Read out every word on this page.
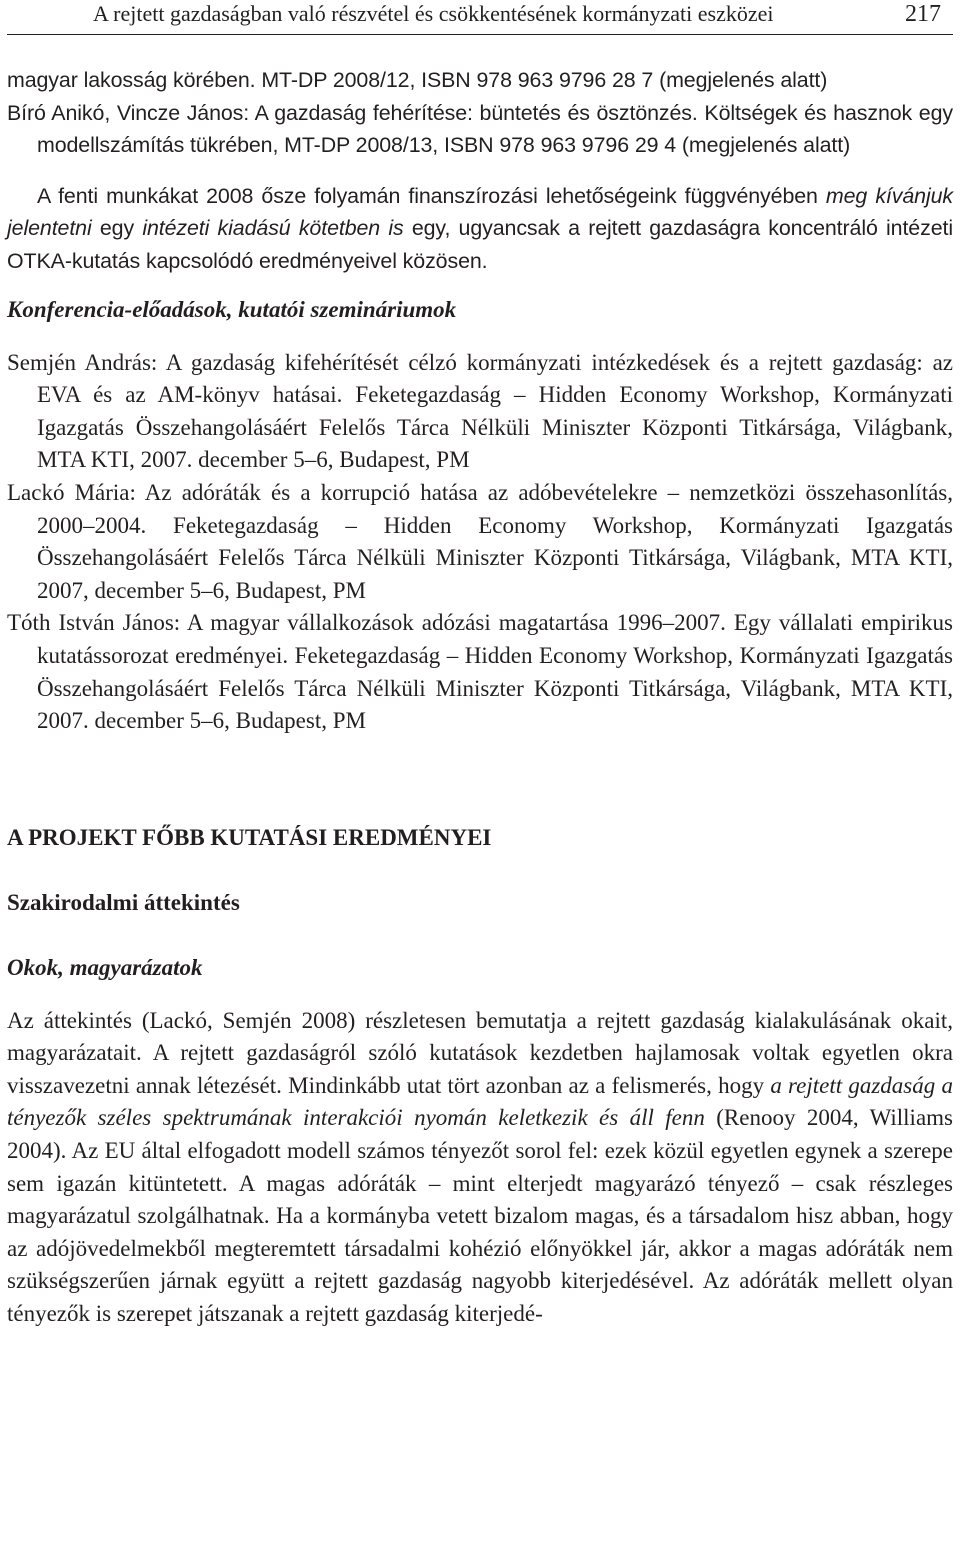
A rejtett gazdaságban való részvétel és csökkentésének kormányzati eszközei	217

magyar lakosság körében. MT-DP 2008/12, ISBN 978 963 9796 28 7 (megjelenés alatt)

Bíró Anikó, Vincze János: A gazdaság fehérítése: büntetés és ösztönzés. Költségek és hasznok egy modellszámítás tükrében, MT-DP 2008/13, ISBN 978 963 9796 29 4 (megjelenés alatt)

A fenti munkákat 2008 ősze folyamán finanszírozási lehetőségeink függvényében meg kívánjuk jelentetni egy intézeti kiadású kötetben is egy, ugyancsak a rejtett gazdaságra koncentráló intézeti OTKA-kutatás kapcsolódó eredményeivel közösen.

Konferencia-előadások, kutatói szemináriumok

Semjén András: A gazdaság kifehérítését célzó kormányzati intézkedések és a rejtett gazdaság: az EVA és az AM-könyv hatásai. Feketegazdaság – Hidden Economy Workshop, Kormányzati Igazgatás Összehangolásáért Felelős Tárca Nélküli Miniszter Központi Titkársága, Világbank, MTA KTI, 2007. december 5–6, Budapest, PM

Lackó Mária: Az adóráták és a korrupció hatása az adóbevételekre – nemzetközi összehasonlítás, 2000–2004. Feketegazdaság – Hidden Economy Workshop, Kormányzati Igazgatás Összehangolásáért Felelős Tárca Nélküli Miniszter Központi Titkársága, Világbank, MTA KTI, 2007, december 5–6, Budapest, PM

Tóth István János: A magyar vállalkozások adózási magatartása 1996–2007. Egy vállalati empirikus kutatássorozat eredményei. Feketegazdaság – Hidden Economy Workshop, Kormányzati Igazgatás Összehangolásáért Felelős Tárca Nélküli Miniszter Központi Titkársága, Világbank, MTA KTI, 2007. december 5–6, Budapest, PM

A PROJEKT FŐBB KUTATÁSI EREDMÉNYEI
Szakirodalmi áttekintés
Okok, magyarázatok

Az áttekintés (Lackó, Semjén 2008) részletesen bemutatja a rejtett gazdaság kialakulásának okait, magyarázatait. A rejtett gazdaságról szóló kutatások kezdetben hajlamosak voltak egyetlen okra visszavezetni annak létezését. Mindinkább utat tört azonban az a felismerés, hogy a rejtett gazdaság a tényezők széles spektrumának interakciói nyomán keletkezik és áll fenn (Renooy 2004, Williams 2004). Az EU által elfogadott modell számos tényezőt sorol fel: ezek közül egyetlen egynek a szerepe sem igazán kitüntetett. A magas adóráták – mint elterjedt magyarázó tényező – csak részleges magyarázatul szolgálhatnak. Ha a kormányba vetett bizalom magas, és a társadalom hisz abban, hogy az adójövedelmekből megteremtett társadalmi kohézió előnyökkel jár, akkor a magas adóráták nem szükségszerűen járnak együtt a rejtett gazdaság nagyobb kiterjedésével. Az adóráták mellett olyan tényezők is szerepet játszanak a rejtett gazdaság kiterjedé-
